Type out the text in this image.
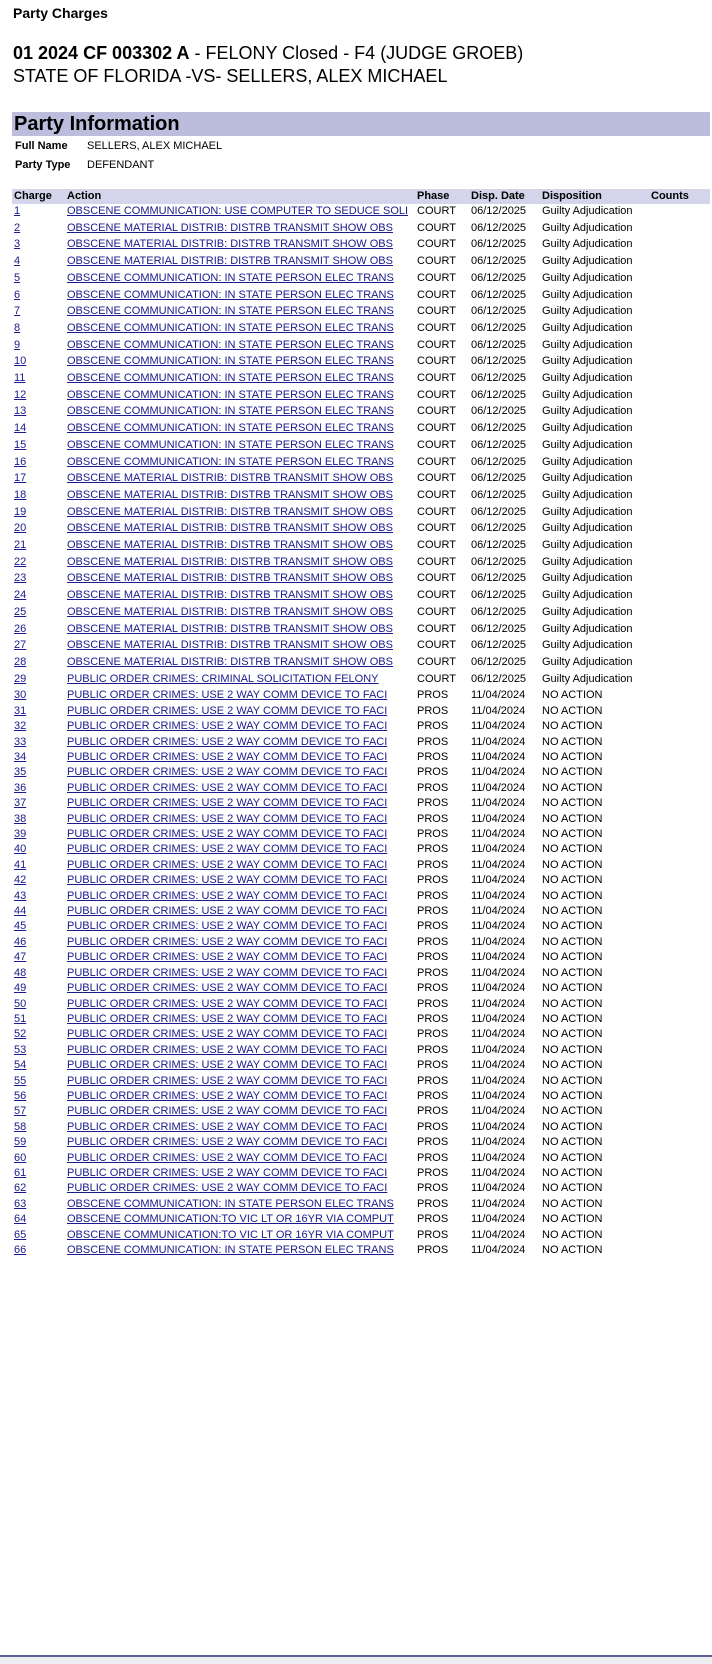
Party Charges
01 2024 CF 003302 A - FELONY Closed - F4 (JUDGE GROEB)
STATE OF FLORIDA -VS- SELLERS, ALEX MICHAEL
Party Information
Full Name SELLERS, ALEX MICHAEL
Party Type DEFENDANT
Charge	Action	Phase	Disp. Date	Disposition	Counts
1	OBSCENE COMMUNICATION: USE COMPUTER TO SEDUCE SOLI	COURT	06/12/2025	Guilty Adjudication	
2	OBSCENE MATERIAL DISTRIB: DISTRB TRANSMIT SHOW OBS	COURT	06/12/2025	Guilty Adjudication	
3	OBSCENE MATERIAL DISTRIB: DISTRB TRANSMIT SHOW OBS	COURT	06/12/2025	Guilty Adjudication	
4	OBSCENE MATERIAL DISTRIB: DISTRB TRANSMIT SHOW OBS	COURT	06/12/2025	Guilty Adjudication	
5	OBSCENE COMMUNICATION: IN STATE PERSON ELEC TRANS	COURT	06/12/2025	Guilty Adjudication	
6	OBSCENE COMMUNICATION: IN STATE PERSON ELEC TRANS	COURT	06/12/2025	Guilty Adjudication	
7	OBSCENE COMMUNICATION: IN STATE PERSON ELEC TRANS	COURT	06/12/2025	Guilty Adjudication	
8	OBSCENE COMMUNICATION: IN STATE PERSON ELEC TRANS	COURT	06/12/2025	Guilty Adjudication	
9	OBSCENE COMMUNICATION: IN STATE PERSON ELEC TRANS	COURT	06/12/2025	Guilty Adjudication	
10	OBSCENE COMMUNICATION: IN STATE PERSON ELEC TRANS	COURT	06/12/2025	Guilty Adjudication	
11	OBSCENE COMMUNICATION: IN STATE PERSON ELEC TRANS	COURT	06/12/2025	Guilty Adjudication	
12	OBSCENE COMMUNICATION: IN STATE PERSON ELEC TRANS	COURT	06/12/2025	Guilty Adjudication	
13	OBSCENE COMMUNICATION: IN STATE PERSON ELEC TRANS	COURT	06/12/2025	Guilty Adjudication	
14	OBSCENE COMMUNICATION: IN STATE PERSON ELEC TRANS	COURT	06/12/2025	Guilty Adjudication	
15	OBSCENE COMMUNICATION: IN STATE PERSON ELEC TRANS	COURT	06/12/2025	Guilty Adjudication	
16	OBSCENE COMMUNICATION: IN STATE PERSON ELEC TRANS	COURT	06/12/2025	Guilty Adjudication	
17	OBSCENE MATERIAL DISTRIB: DISTRB TRANSMIT SHOW OBS	COURT	06/12/2025	Guilty Adjudication	
18	OBSCENE MATERIAL DISTRIB: DISTRB TRANSMIT SHOW OBS	COURT	06/12/2025	Guilty Adjudication	
19	OBSCENE MATERIAL DISTRIB: DISTRB TRANSMIT SHOW OBS	COURT	06/12/2025	Guilty Adjudication	
20	OBSCENE MATERIAL DISTRIB: DISTRB TRANSMIT SHOW OBS	COURT	06/12/2025	Guilty Adjudication	
21	OBSCENE MATERIAL DISTRIB: DISTRB TRANSMIT SHOW OBS	COURT	06/12/2025	Guilty Adjudication	
22	OBSCENE MATERIAL DISTRIB: DISTRB TRANSMIT SHOW OBS	COURT	06/12/2025	Guilty Adjudication	
23	OBSCENE MATERIAL DISTRIB: DISTRB TRANSMIT SHOW OBS	COURT	06/12/2025	Guilty Adjudication	
24	OBSCENE MATERIAL DISTRIB: DISTRB TRANSMIT SHOW OBS	COURT	06/12/2025	Guilty Adjudication	
25	OBSCENE MATERIAL DISTRIB: DISTRB TRANSMIT SHOW OBS	COURT	06/12/2025	Guilty Adjudication	
26	OBSCENE MATERIAL DISTRIB: DISTRB TRANSMIT SHOW OBS	COURT	06/12/2025	Guilty Adjudication	
27	OBSCENE MATERIAL DISTRIB: DISTRB TRANSMIT SHOW OBS	COURT	06/12/2025	Guilty Adjudication	
28	OBSCENE MATERIAL DISTRIB: DISTRB TRANSMIT SHOW OBS	COURT	06/12/2025	Guilty Adjudication	
29	PUBLIC ORDER CRIMES: CRIMINAL SOLICITATION FELONY	COURT	06/12/2025	Guilty Adjudication	
30	PUBLIC ORDER CRIMES: USE 2 WAY COMM DEVICE TO FACI	PROS	11/04/2024	NO ACTION	
31	PUBLIC ORDER CRIMES: USE 2 WAY COMM DEVICE TO FACI	PROS	11/04/2024	NO ACTION	
32	PUBLIC ORDER CRIMES: USE 2 WAY COMM DEVICE TO FACI	PROS	11/04/2024	NO ACTION	
33	PUBLIC ORDER CRIMES: USE 2 WAY COMM DEVICE TO FACI	PROS	11/04/2024	NO ACTION	
34	PUBLIC ORDER CRIMES: USE 2 WAY COMM DEVICE TO FACI	PROS	11/04/2024	NO ACTION	
35	PUBLIC ORDER CRIMES: USE 2 WAY COMM DEVICE TO FACI	PROS	11/04/2024	NO ACTION	
36	PUBLIC ORDER CRIMES: USE 2 WAY COMM DEVICE TO FACI	PROS	11/04/2024	NO ACTION	
37	PUBLIC ORDER CRIMES: USE 2 WAY COMM DEVICE TO FACI	PROS	11/04/2024	NO ACTION	
38	PUBLIC ORDER CRIMES: USE 2 WAY COMM DEVICE TO FACI	PROS	11/04/2024	NO ACTION	
39	PUBLIC ORDER CRIMES: USE 2 WAY COMM DEVICE TO FACI	PROS	11/04/2024	NO ACTION	
40	PUBLIC ORDER CRIMES: USE 2 WAY COMM DEVICE TO FACI	PROS	11/04/2024	NO ACTION	
41	PUBLIC ORDER CRIMES: USE 2 WAY COMM DEVICE TO FACI	PROS	11/04/2024	NO ACTION	
42	PUBLIC ORDER CRIMES: USE 2 WAY COMM DEVICE TO FACI	PROS	11/04/2024	NO ACTION	
43	PUBLIC ORDER CRIMES: USE 2 WAY COMM DEVICE TO FACI	PROS	11/04/2024	NO ACTION	
44	PUBLIC ORDER CRIMES: USE 2 WAY COMM DEVICE TO FACI	PROS	11/04/2024	NO ACTION	
45	PUBLIC ORDER CRIMES: USE 2 WAY COMM DEVICE TO FACI	PROS	11/04/2024	NO ACTION	
46	PUBLIC ORDER CRIMES: USE 2 WAY COMM DEVICE TO FACI	PROS	11/04/2024	NO ACTION	
47	PUBLIC ORDER CRIMES: USE 2 WAY COMM DEVICE TO FACI	PROS	11/04/2024	NO ACTION	
48	PUBLIC ORDER CRIMES: USE 2 WAY COMM DEVICE TO FACI	PROS	11/04/2024	NO ACTION	
49	PUBLIC ORDER CRIMES: USE 2 WAY COMM DEVICE TO FACI	PROS	11/04/2024	NO ACTION	
50	PUBLIC ORDER CRIMES: USE 2 WAY COMM DEVICE TO FACI	PROS	11/04/2024	NO ACTION	
51	PUBLIC ORDER CRIMES: USE 2 WAY COMM DEVICE TO FACI	PROS	11/04/2024	NO ACTION	
52	PUBLIC ORDER CRIMES: USE 2 WAY COMM DEVICE TO FACI	PROS	11/04/2024	NO ACTION	
53	PUBLIC ORDER CRIMES: USE 2 WAY COMM DEVICE TO FACI	PROS	11/04/2024	NO ACTION	
54	PUBLIC ORDER CRIMES: USE 2 WAY COMM DEVICE TO FACI	PROS	11/04/2024	NO ACTION	
55	PUBLIC ORDER CRIMES: USE 2 WAY COMM DEVICE TO FACI	PROS	11/04/2024	NO ACTION	
56	PUBLIC ORDER CRIMES: USE 2 WAY COMM DEVICE TO FACI	PROS	11/04/2024	NO ACTION	
57	PUBLIC ORDER CRIMES: USE 2 WAY COMM DEVICE TO FACI	PROS	11/04/2024	NO ACTION	
58	PUBLIC ORDER CRIMES: USE 2 WAY COMM DEVICE TO FACI	PROS	11/04/2024	NO ACTION	
59	PUBLIC ORDER CRIMES: USE 2 WAY COMM DEVICE TO FACI	PROS	11/04/2024	NO ACTION	
60	PUBLIC ORDER CRIMES: USE 2 WAY COMM DEVICE TO FACI	PROS	11/04/2024	NO ACTION	
61	PUBLIC ORDER CRIMES: USE 2 WAY COMM DEVICE TO FACI	PROS	11/04/2024	NO ACTION	
62	PUBLIC ORDER CRIMES: USE 2 WAY COMM DEVICE TO FACI	PROS	11/04/2024	NO ACTION	
63	OBSCENE COMMUNICATION: IN STATE PERSON ELEC TRANS	PROS	11/04/2024	NO ACTION	
64	OBSCENE COMMUNICATION:TO VIC LT OR 16YR VIA COMPUT	PROS	11/04/2024	NO ACTION	
65	OBSCENE COMMUNICATION:TO VIC LT OR 16YR VIA COMPUT	PROS	11/04/2024	NO ACTION	
66	OBSCENE COMMUNICATION: IN STATE PERSON ELEC TRANS	PROS	11/04/2024	NO ACTION	
